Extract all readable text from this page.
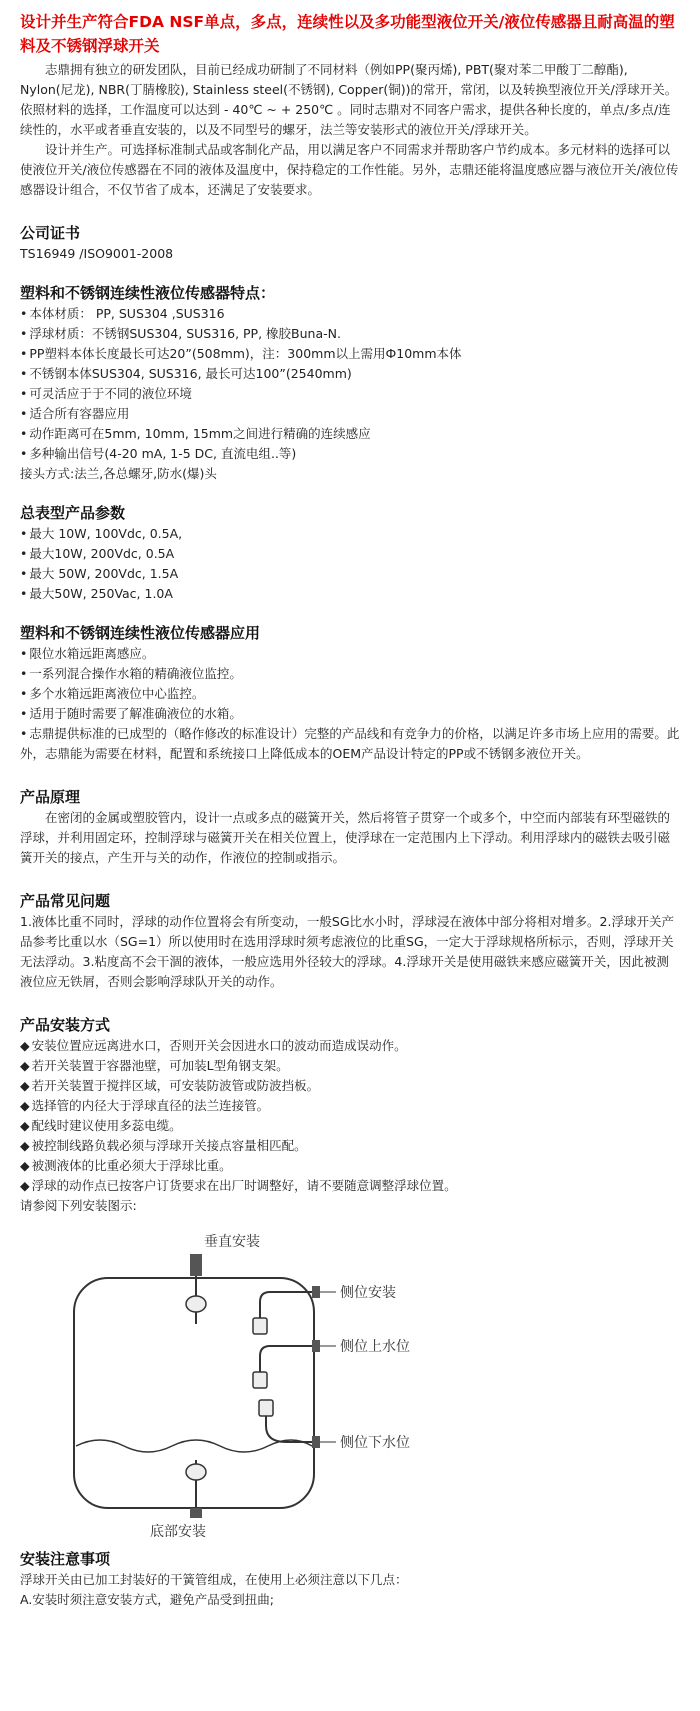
设计并生产符合FDA NSF单点，多点，连续性以及多功能型液位开关/液位传感器且耐高温的塑料及不锈钢浮球开关

志鼎拥有独立的研发团队，目前已经成功研制了不同材料（例如PP(聚丙烯), PBT(聚对苯二甲酸丁二醇酯), Nylon(尼龙), NBR(丁腈橡胶), Stainless steel(不锈钢), Copper(铜))的常开，常闭，以及转换型液位开关/浮球开关。依照材料的选择，工作温度可以达到 - 40℃ ~ + 250℃ 。同时志鼎对不同客户需求，提供各种长度的，单点/多点/连续性的，水平或者垂直安装的，以及不同型号的螺牙，法兰等安装形式的液位开关/浮球开关。

设计并生产。可选择标准制式品或客制化产品，用以满足客户不同需求并帮助客户节约成本。多元材料的选择可以使液位开关/液位传感器在不同的液体及温度中，保持稳定的工作性能。另外，志鼎还能将温度感应器与液位开关/液位传感器设计组合，不仅节省了成本，还满足了安装要求。

公司证书

TS16949 /ISO9001-2008

塑料和不锈钢连续性液位传感器特点：
• 本体材质： PP, SUS304 ,SUS316
• 浮球材质：不锈钢SUS304, SUS316, PP, 橡胶Buna-N.
• PP塑料本体长度最长可达20”(508mm)，注：300mm以上需用Ф10mm本体
• 不锈钢本体SUS304, SUS316, 最长可达100”(2540mm)
• 可灵活应于于不同的液位环境
• 适合所有容器应用
• 动作距离可在5mm, 10mm, 15mm之间进行精确的连续感应
• 多种输出信号(4-20 mA, 1-5 DC, 直流电组..等)

接头方式:法兰,各总螺牙,防水(爆)头

总表型产品参数
• 最大 10W, 100Vdc, 0.5A,
• 最大10W, 200Vdc, 0.5A
• 最大 50W, 200Vdc, 1.5A
• 最大50W, 250Vac, 1.0A
塑料和不锈钢连续性液位传感器应用
• 限位水箱远距离感应。
• 一系列混合操作水箱的精确液位监控。
• 多个水箱远距离液位中心监控。
• 适用于随时需要了解准确液位的水箱。
• 志鼎提供标准的已成型的（略作修改的标准设计）完整的产品线和有竞争力的价格，以满足许多市场上应用的需要。此外，志鼎能为需要在材料，配置和系统接口上降低成本的OEM产品设计特定的PP或不锈钢多液位开关。
产品原理

在密闭的金属或塑胶管内，设计一点或多点的磁簧开关，然后将管子贯穿一个或多个，中空而内部装有环型磁铁的浮球，并利用固定环，控制浮球与磁簧开关在相关位置上，使浮球在一定范围内上下浮动。利用浮球内的磁铁去吸引磁簧开关的接点，产生开与关的动作，作液位的控制或指示。

产品常见问题

1.液体比重不同时，浮球的动作位置将会有所变动，一般SG比水小时，浮球浸在液体中部分将相对增多。2.浮球开关产品参考比重以水（SG=1）所以使用时在选用浮球时须考虑液位的比重SG，一定大于浮球规格所标示，否则，浮球开关无法浮动。3.粘度高不会干涸的液体，一般应选用外径较大的浮球。4.浮球开关是使用磁铁来感应磁簧开关，因此被测液位应无铁屑，否则会影响浮球队开关的动作。

产品安装方式
◆ 安装位置应远离进水口，否则开关会因进水口的波动而造成误动作。
◆ 若开关装置于容器池壁，可加装L型角钢支架。
◆ 若开关装置于搅拌区域，可安装防波管或防波挡板。
◆ 选择管的内径大于浮球直径的法兰连接管。
◆ 配线时建议使用多蕊电缆。
◆ 被控制线路负载必须与浮球开关接点容量相匹配。
◆ 被测液体的比重必须大于浮球比重。
◆ 浮球的动作点已按客户订货要求在出厂时调整好，请不要随意调整浮球位置。

请参阅下列安装图示:

垂直安装
侧位安装
侧位上水位
侧位下水位
底部安装
安装注意事项

浮球开关由已加工封装好的干簧管组成，在使用上必须注意以下几点：

A.安装时须注意安装方式，避免产品受到扭曲;
